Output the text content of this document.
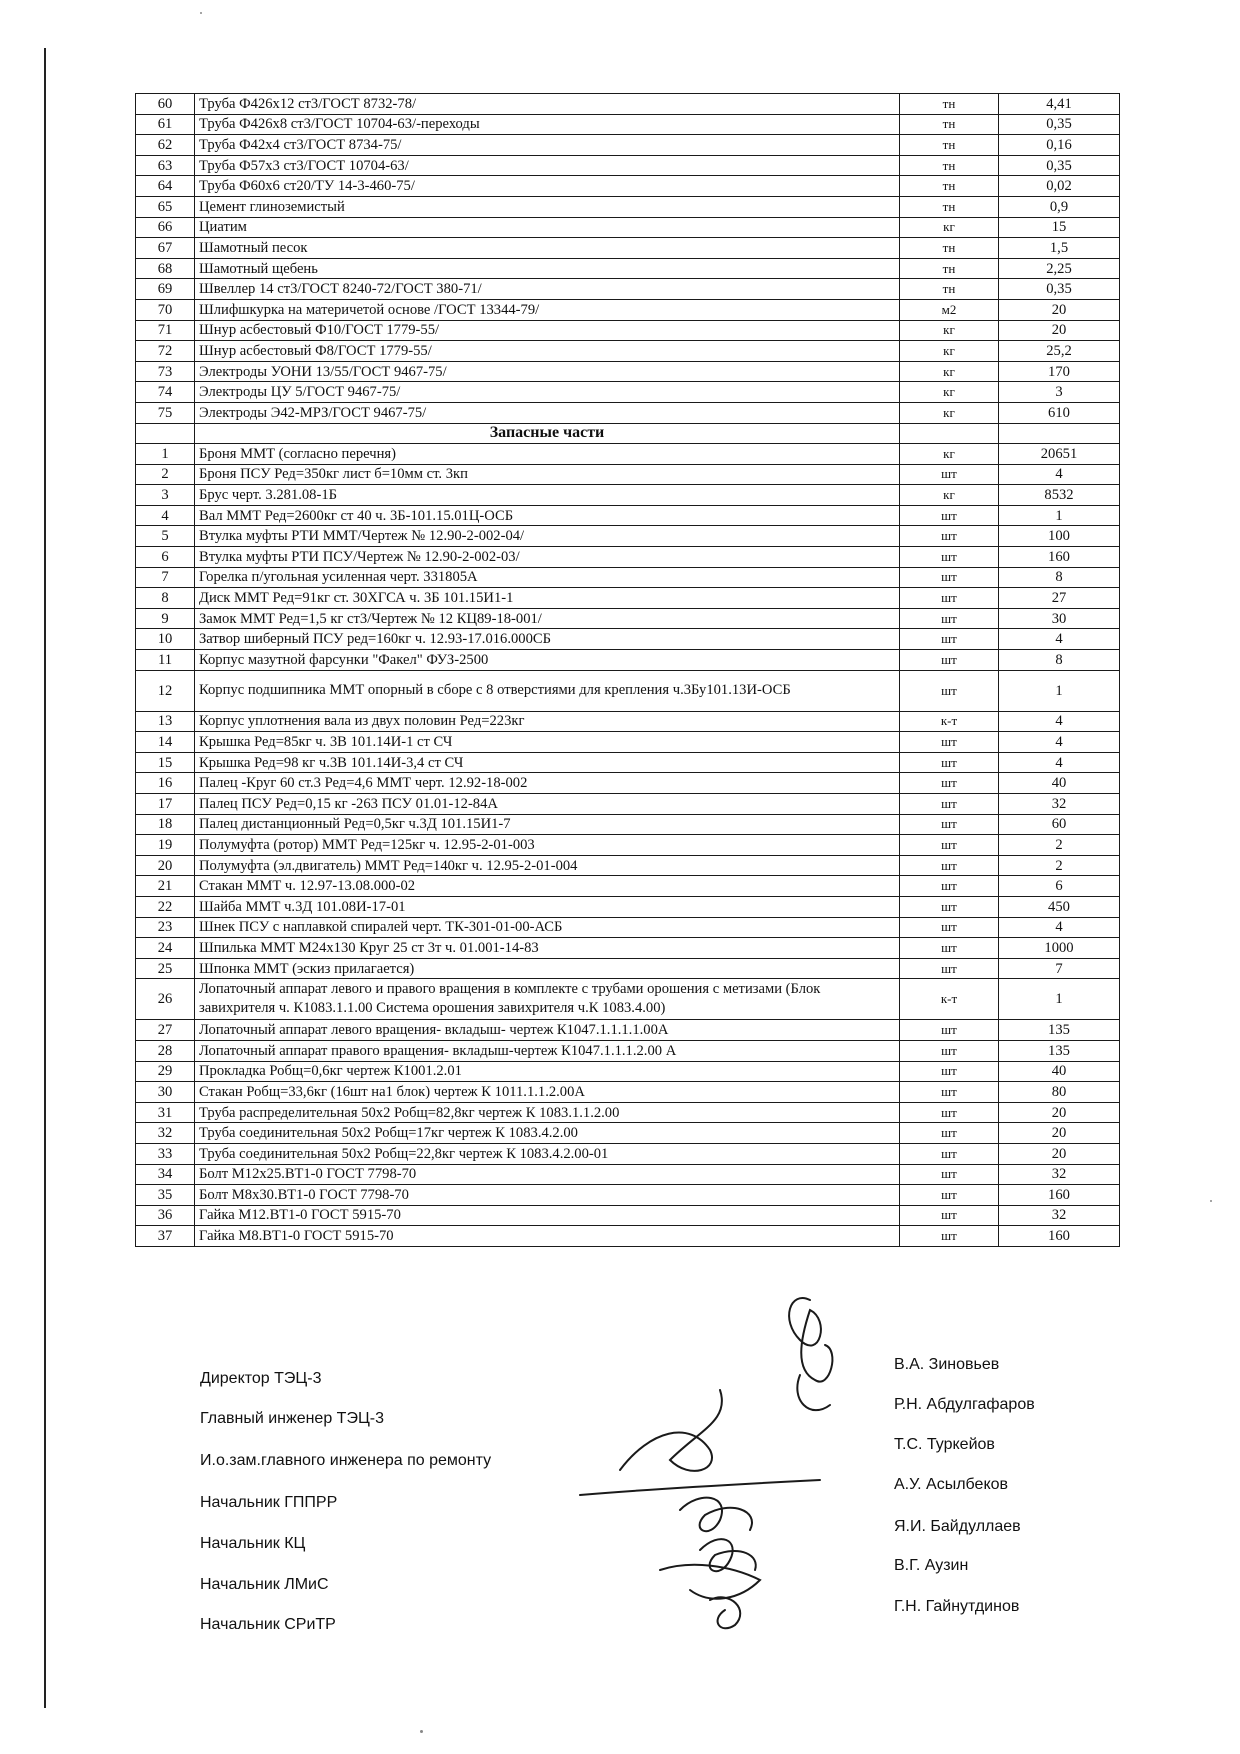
60	Труба Ф426х12 ст3/ГОСТ 8732-78/	тн	4,41
61	Труба Ф426х8 ст3/ГОСТ 10704-63/-переходы	тн	0,35
62	Труба Ф42х4 ст3/ГОСТ 8734-75/	тн	0,16
63	Труба Ф57х3 ст3/ГОСТ 10704-63/	тн	0,35
64	Труба Ф60х6 ст20/ТУ 14-3-460-75/	тн	0,02
65	Цемент глиноземистый	тн	0,9
66	Циатим	кг	15
67	Шамотный песок	тн	1,5
68	Шамотный щебень	тн	2,25
69	Швеллер 14 ст3/ГОСТ 8240-72/ГОСТ 380-71/	тн	0,35
70	Шлифшкурка на материчетой основе /ГОСТ 13344-79/	м2	20
71	Шнур асбестовый Ф10/ГОСТ 1779-55/	кг	20
72	Шнур асбестовый Ф8/ГОСТ 1779-55/	кг	25,2
73	Электроды УОНИ 13/55/ГОСТ 9467-75/	кг	170
74	Электроды ЦУ 5/ГОСТ 9467-75/	кг	3
75	Электроды Э42-МРЗ/ГОСТ 9467-75/	кг	610
	Запасные части		
1	Броня ММТ (согласно перечня)	кг	20651
2	Броня ПСУ Ред=350кг лист б=10мм ст. 3кп	шт	4
3	Брус черт. 3.281.08-1Б	кг	8532
4	Вал ММТ Ред=2600кг ст 40 ч. 3Б-101.15.01Ц-ОСБ	шт	1
5	Втулка муфты РТИ ММТ/Чертеж № 12.90-2-002-04/	шт	100
6	Втулка муфты РТИ ПСУ/Чертеж № 12.90-2-002-03/	шт	160
7	Горелка п/угольная усиленная черт. 331805А	шт	8
8	Диск ММТ Ред=91кг ст. 30ХГСА ч. 3Б 101.15И1-1	шт	27
9	Замок ММТ Ред=1,5 кг ст3/Чертеж № 12 КЦ89-18-001/	шт	30
10	Затвор шиберный ПСУ ред=160кг ч. 12.93-17.016.000СБ	шт	4
11	Корпус мазутной фарсунки "Факел" ФУЗ-2500	шт	8
12	Корпус подшипника ММТ опорный в сборе с 8 отверстиями для крепления ч.3Бу101.13И-ОСБ	шт	1
13	Корпус уплотнения вала из двух половин Ред=223кг	к-т	4
14	Крышка Ред=85кг ч. 3В 101.14И-1 ст СЧ	шт	4
15	Крышка Ред=98 кг ч.3В 101.14И-3,4 ст СЧ	шт	4
16	Палец -Круг 60 ст.3 Ред=4,6 ММТ черт. 12.92-18-002	шт	40
17	Палец ПСУ Ред=0,15 кг -263 ПСУ 01.01-12-84А	шт	32
18	Палец дистанционный Ред=0,5кг ч.3Д 101.15И1-7	шт	60
19	Полумуфта (ротор) ММТ Ред=125кг ч. 12.95-2-01-003	шт	2
20	Полумуфта (эл.двигатель) ММТ Ред=140кг ч. 12.95-2-01-004	шт	2
21	Стакан ММТ ч. 12.97-13.08.000-02	шт	6
22	Шайба ММТ ч.3Д 101.08И-17-01	шт	450
23	Шнек ПСУ с наплавкой спиралей черт. ТК-301-01-00-АСБ	шт	4
24	Шпилька ММТ М24х130 Круг 25 ст 3т ч. 01.001-14-83	шт	1000
25	Шпонка ММТ (эскиз прилагается)	шт	7
26	Лопаточный аппарат левого и правого вращения в комплекте с трубами орошения с метизами (Блок завихрителя ч. К1083.1.1.00 Система орошения завихрителя ч.К 1083.4.00)	к-т	1
27	Лопаточный аппарат левого вращения- вкладыш- чертеж К1047.1.1.1.1.00А	шт	135
28	Лопаточный аппарат правого вращения- вкладыш-чертеж К1047.1.1.1.2.00 А	шт	135
29	Прокладка Робщ=0,6кг чертеж К1001.2.01	шт	40
30	Стакан Робщ=33,6кг (16шт на1 блок) чертеж К 1011.1.1.2.00А	шт	80
31	Труба распределительная 50х2 Робщ=82,8кг чертеж К 1083.1.1.2.00	шт	20
32	Труба соединительная 50х2 Робщ=17кг чертеж К 1083.4.2.00	шт	20
33	Труба соединительная 50х2 Робщ=22,8кг чертеж К 1083.4.2.00-01	шт	20
34	Болт М12х25.ВТ1-0 ГОСТ 7798-70	шт	32
35	Болт М8х30.ВТ1-0 ГОСТ 7798-70	шт	160
36	Гайка М12.ВТ1-0 ГОСТ 5915-70	шт	32
37	Гайка М8.ВТ1-0 ГОСТ 5915-70	шт	160
Директор ТЭЦ-3
В.А. Зиновьев
Главный инженер ТЭЦ-3
Р.Н. Абдулгафаров
И.о.зам.главного инженера по ремонту
Т.С. Туркейов
Начальник ГППРР
А.У. Асылбеков
Начальник КЦ
Я.И. Байдуллаев
Начальник ЛМиС
В.Г. Аузин
Начальник СРиТР
Г.Н. Гайнутдинов
